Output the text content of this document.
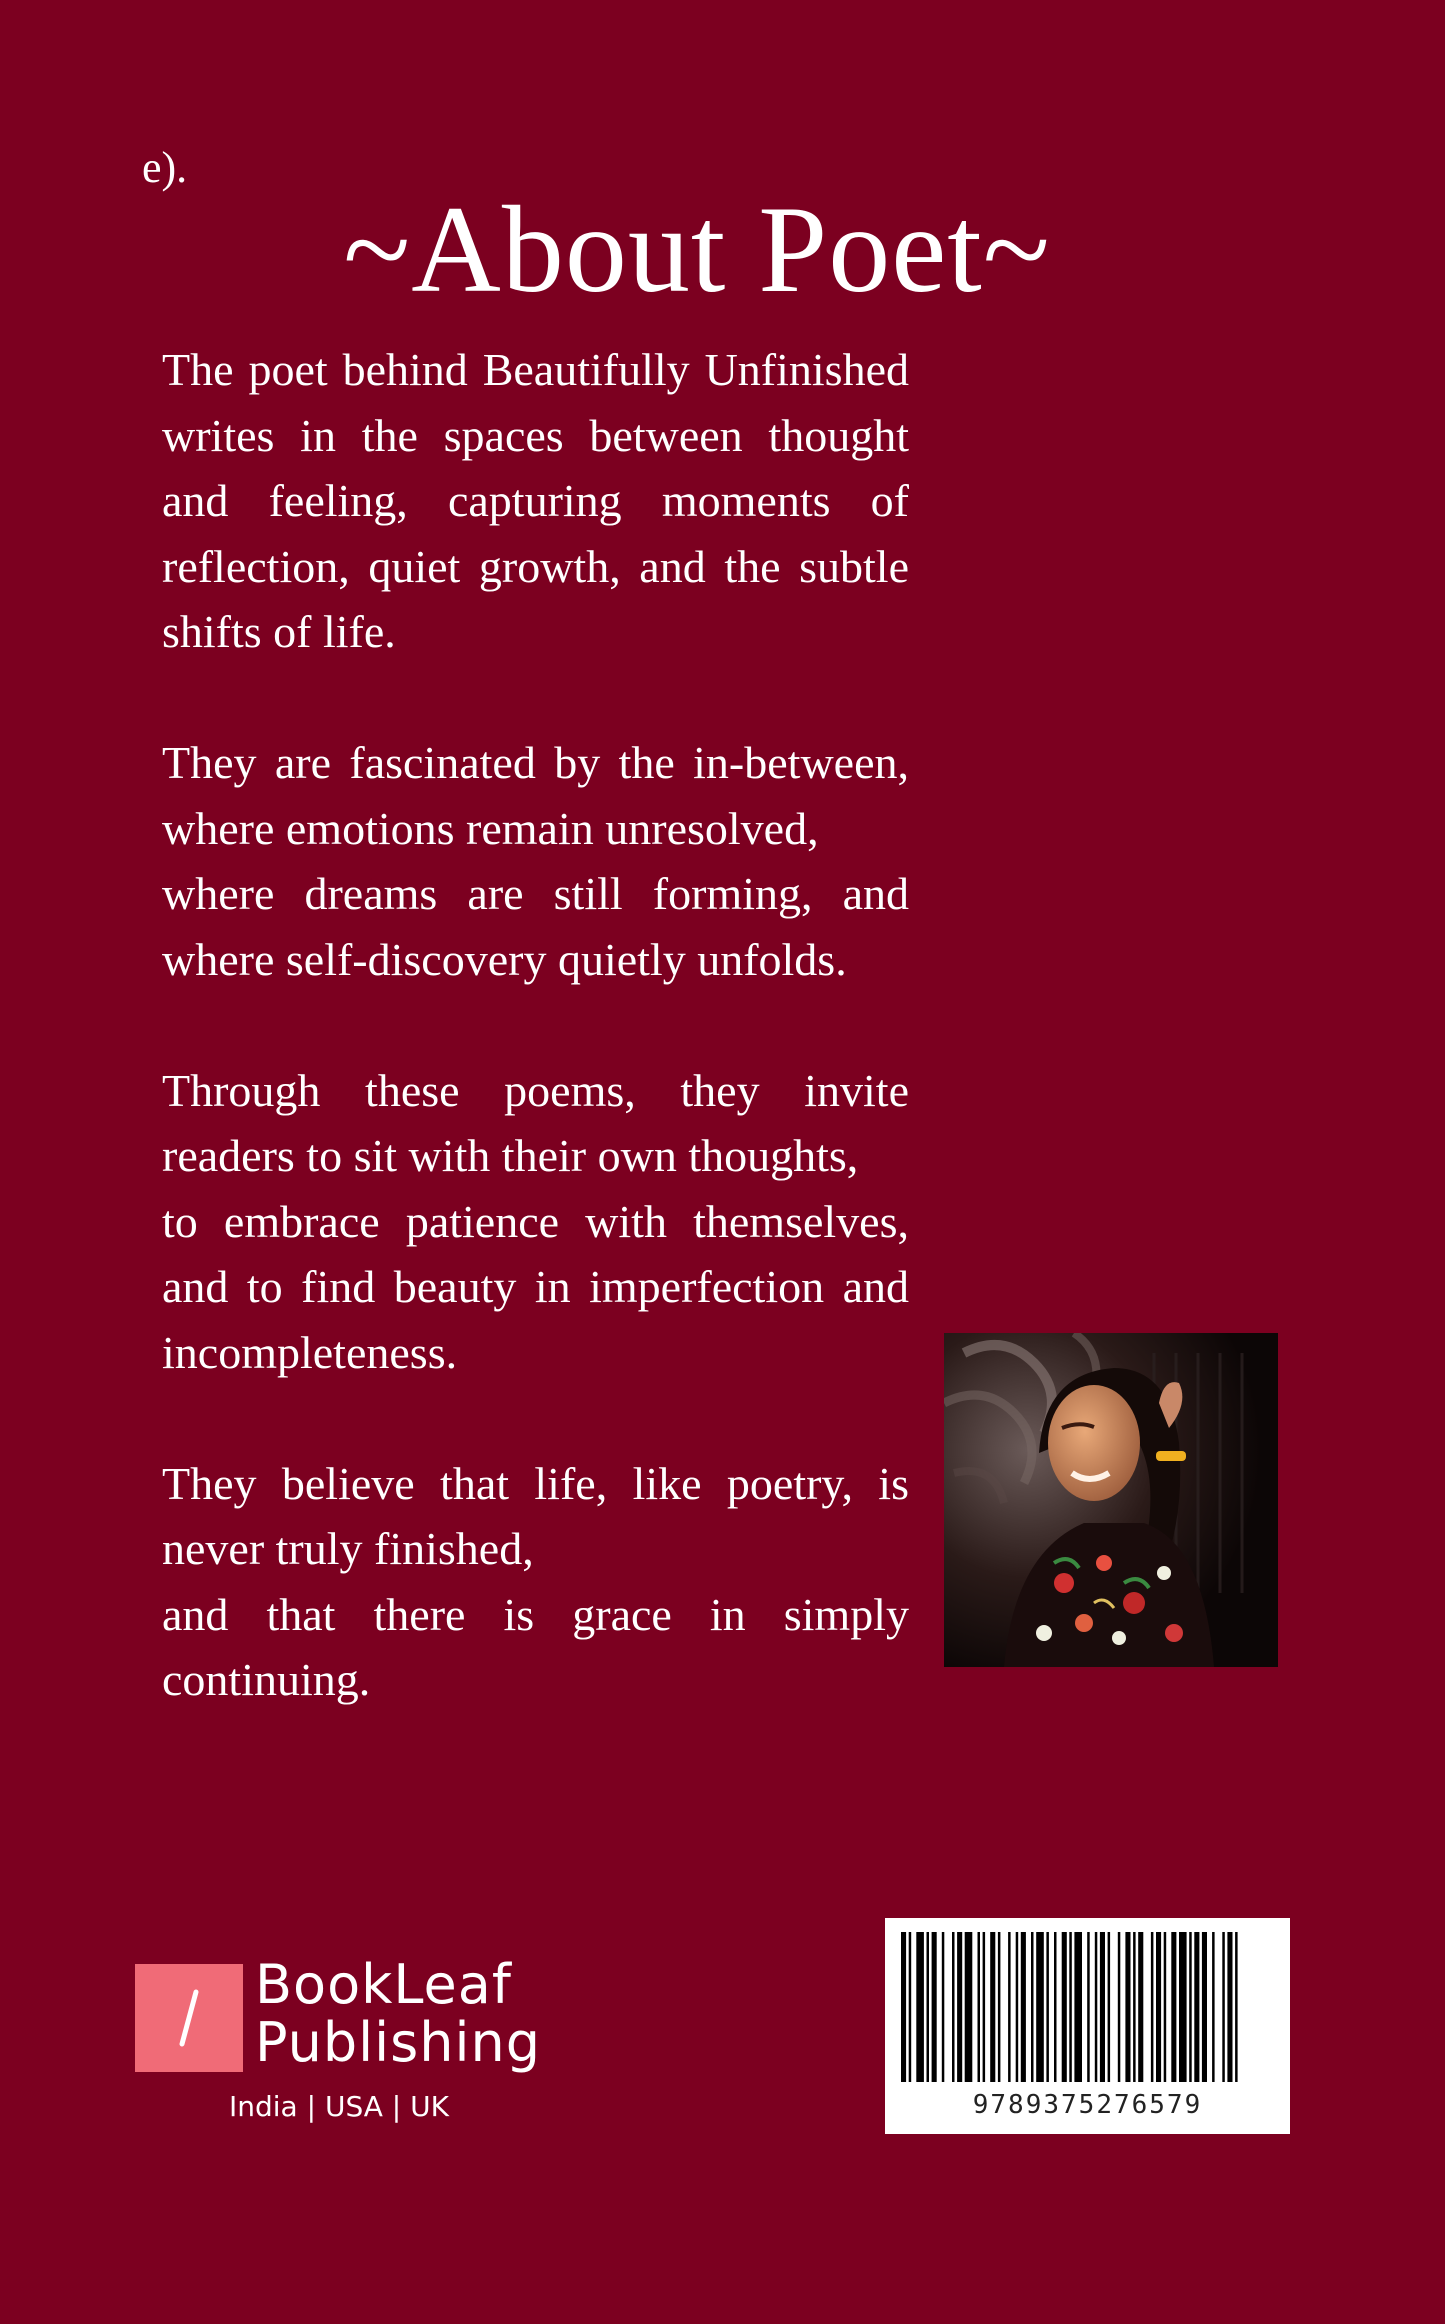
e).
~About Poet~
The poet behind Beautifully Unfinished writes in the spaces between thought and feeling, capturing moments of reflection, quiet growth, and the subtle shifts of life.
They are fascinated by the in-between, where emotions remain unresolved,
where dreams are still forming, and where self-discovery quietly unfolds.
Through these poems, they invite readers to sit with their own thoughts,
to embrace patience with themselves, and to find beauty in imperfection and incompleteness.
They believe that life, like poetry, is never truly finished,
and that there is grace in simply continuing.
BookLeaf
Publishing
India | USA | UK	9789375276579
